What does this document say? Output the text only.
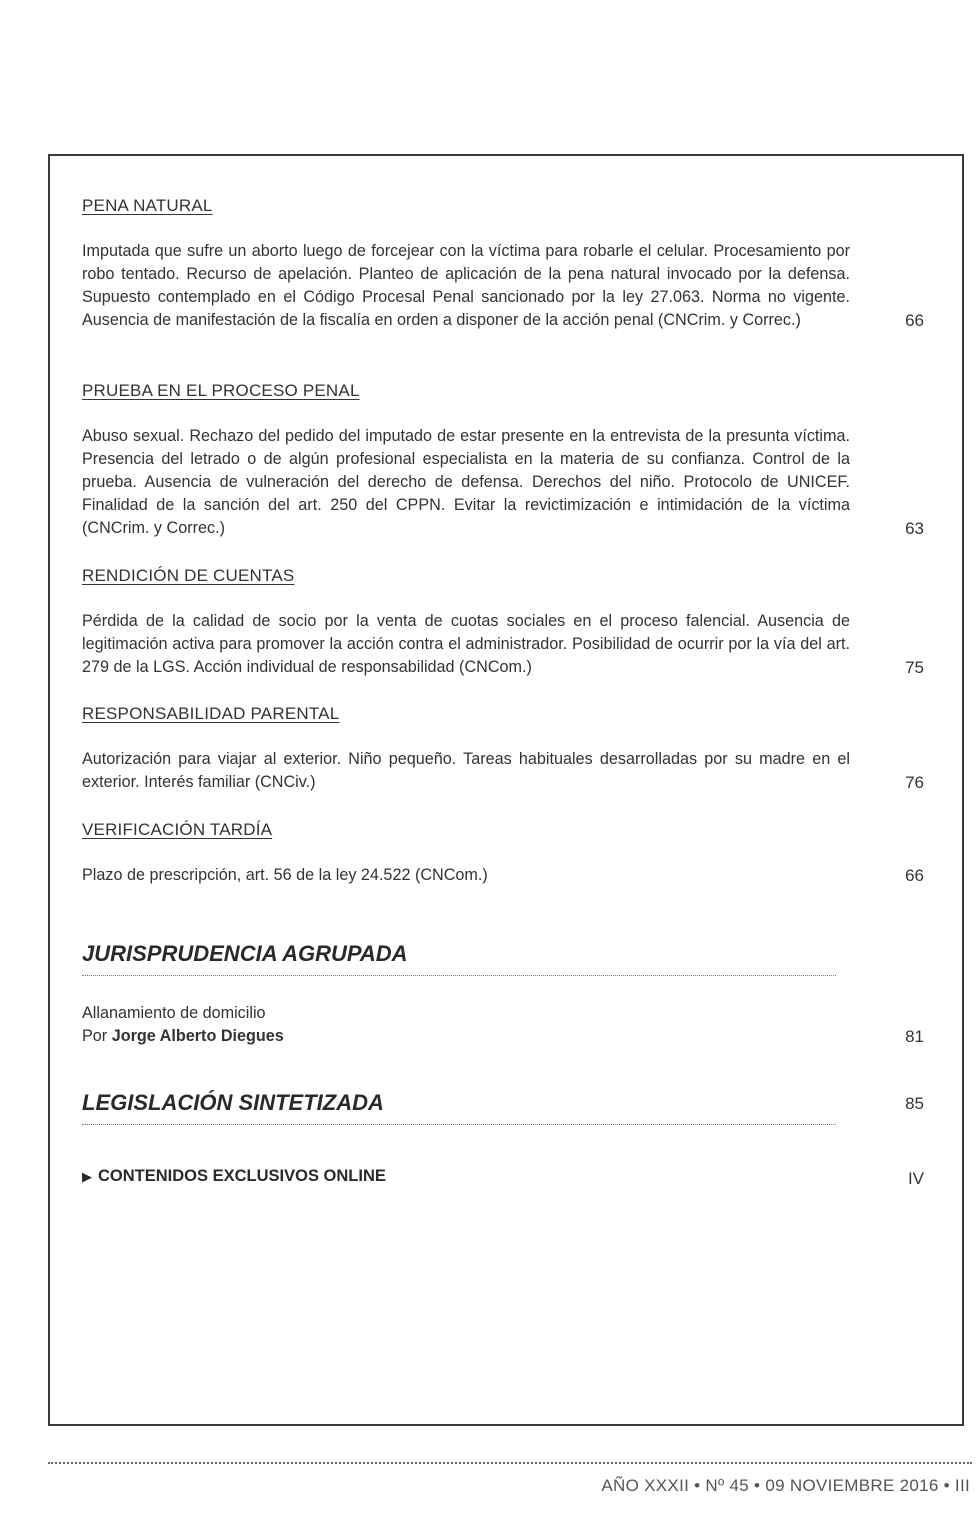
PENA NATURAL
Imputada que sufre un aborto luego de forcejear con la víctima para robarle el celular. Procesamiento por robo tentado. Recurso de apelación. Planteo de aplicación de la pena natural invocado por la defensa. Supuesto contemplado en el Código Procesal Penal sancionado por la ley 27.063. Norma no vigente. Ausencia de manifestación de la fiscalía en orden a disponer de la acción penal (CNCrim. y Correc.)	66
PRUEBA EN EL PROCESO PENAL
Abuso sexual. Rechazo del pedido del imputado de estar presente en la entrevista de la presunta víctima. Presencia del letrado o de algún profesional especialista en la materia de su confianza. Control de la prueba. Ausencia de vulneración del derecho de defensa. Derechos del niño. Protocolo de UNICEF. Finalidad de la sanción del art. 250 del CPPN. Evitar la revictimización e intimidación de la víctima (CNCrim. y Correc.)	63
RENDICIÓN DE CUENTAS
Pérdida de la calidad de socio por la venta de cuotas sociales en el proceso falencial. Ausencia de legitimación activa para promover la acción contra el administrador. Posibilidad de ocurrir por la vía del art. 279 de la LGS. Acción individual de responsabilidad (CNCom.)	75
RESPONSABILIDAD PARENTAL
Autorización para viajar al exterior. Niño pequeño. Tareas habituales desarrolladas por su madre en el exterior. Interés familiar (CNCiv.)	76
VERIFICACIÓN TARDÍA
Plazo de prescripción, art. 56 de la ley 24.522 (CNCom.)	66
JURISPRUDENCIA AGRUPADA
Allanamiento de domicilio
Por Jorge Alberto Diegues	81
LEGISLACIÓN SINTETIZADA	85
▶ CONTENIDOS EXCLUSIVOS ONLINE	IV
AÑO XXXII • Nº 45 • 09 NOVIEMBRE 2016 • III
